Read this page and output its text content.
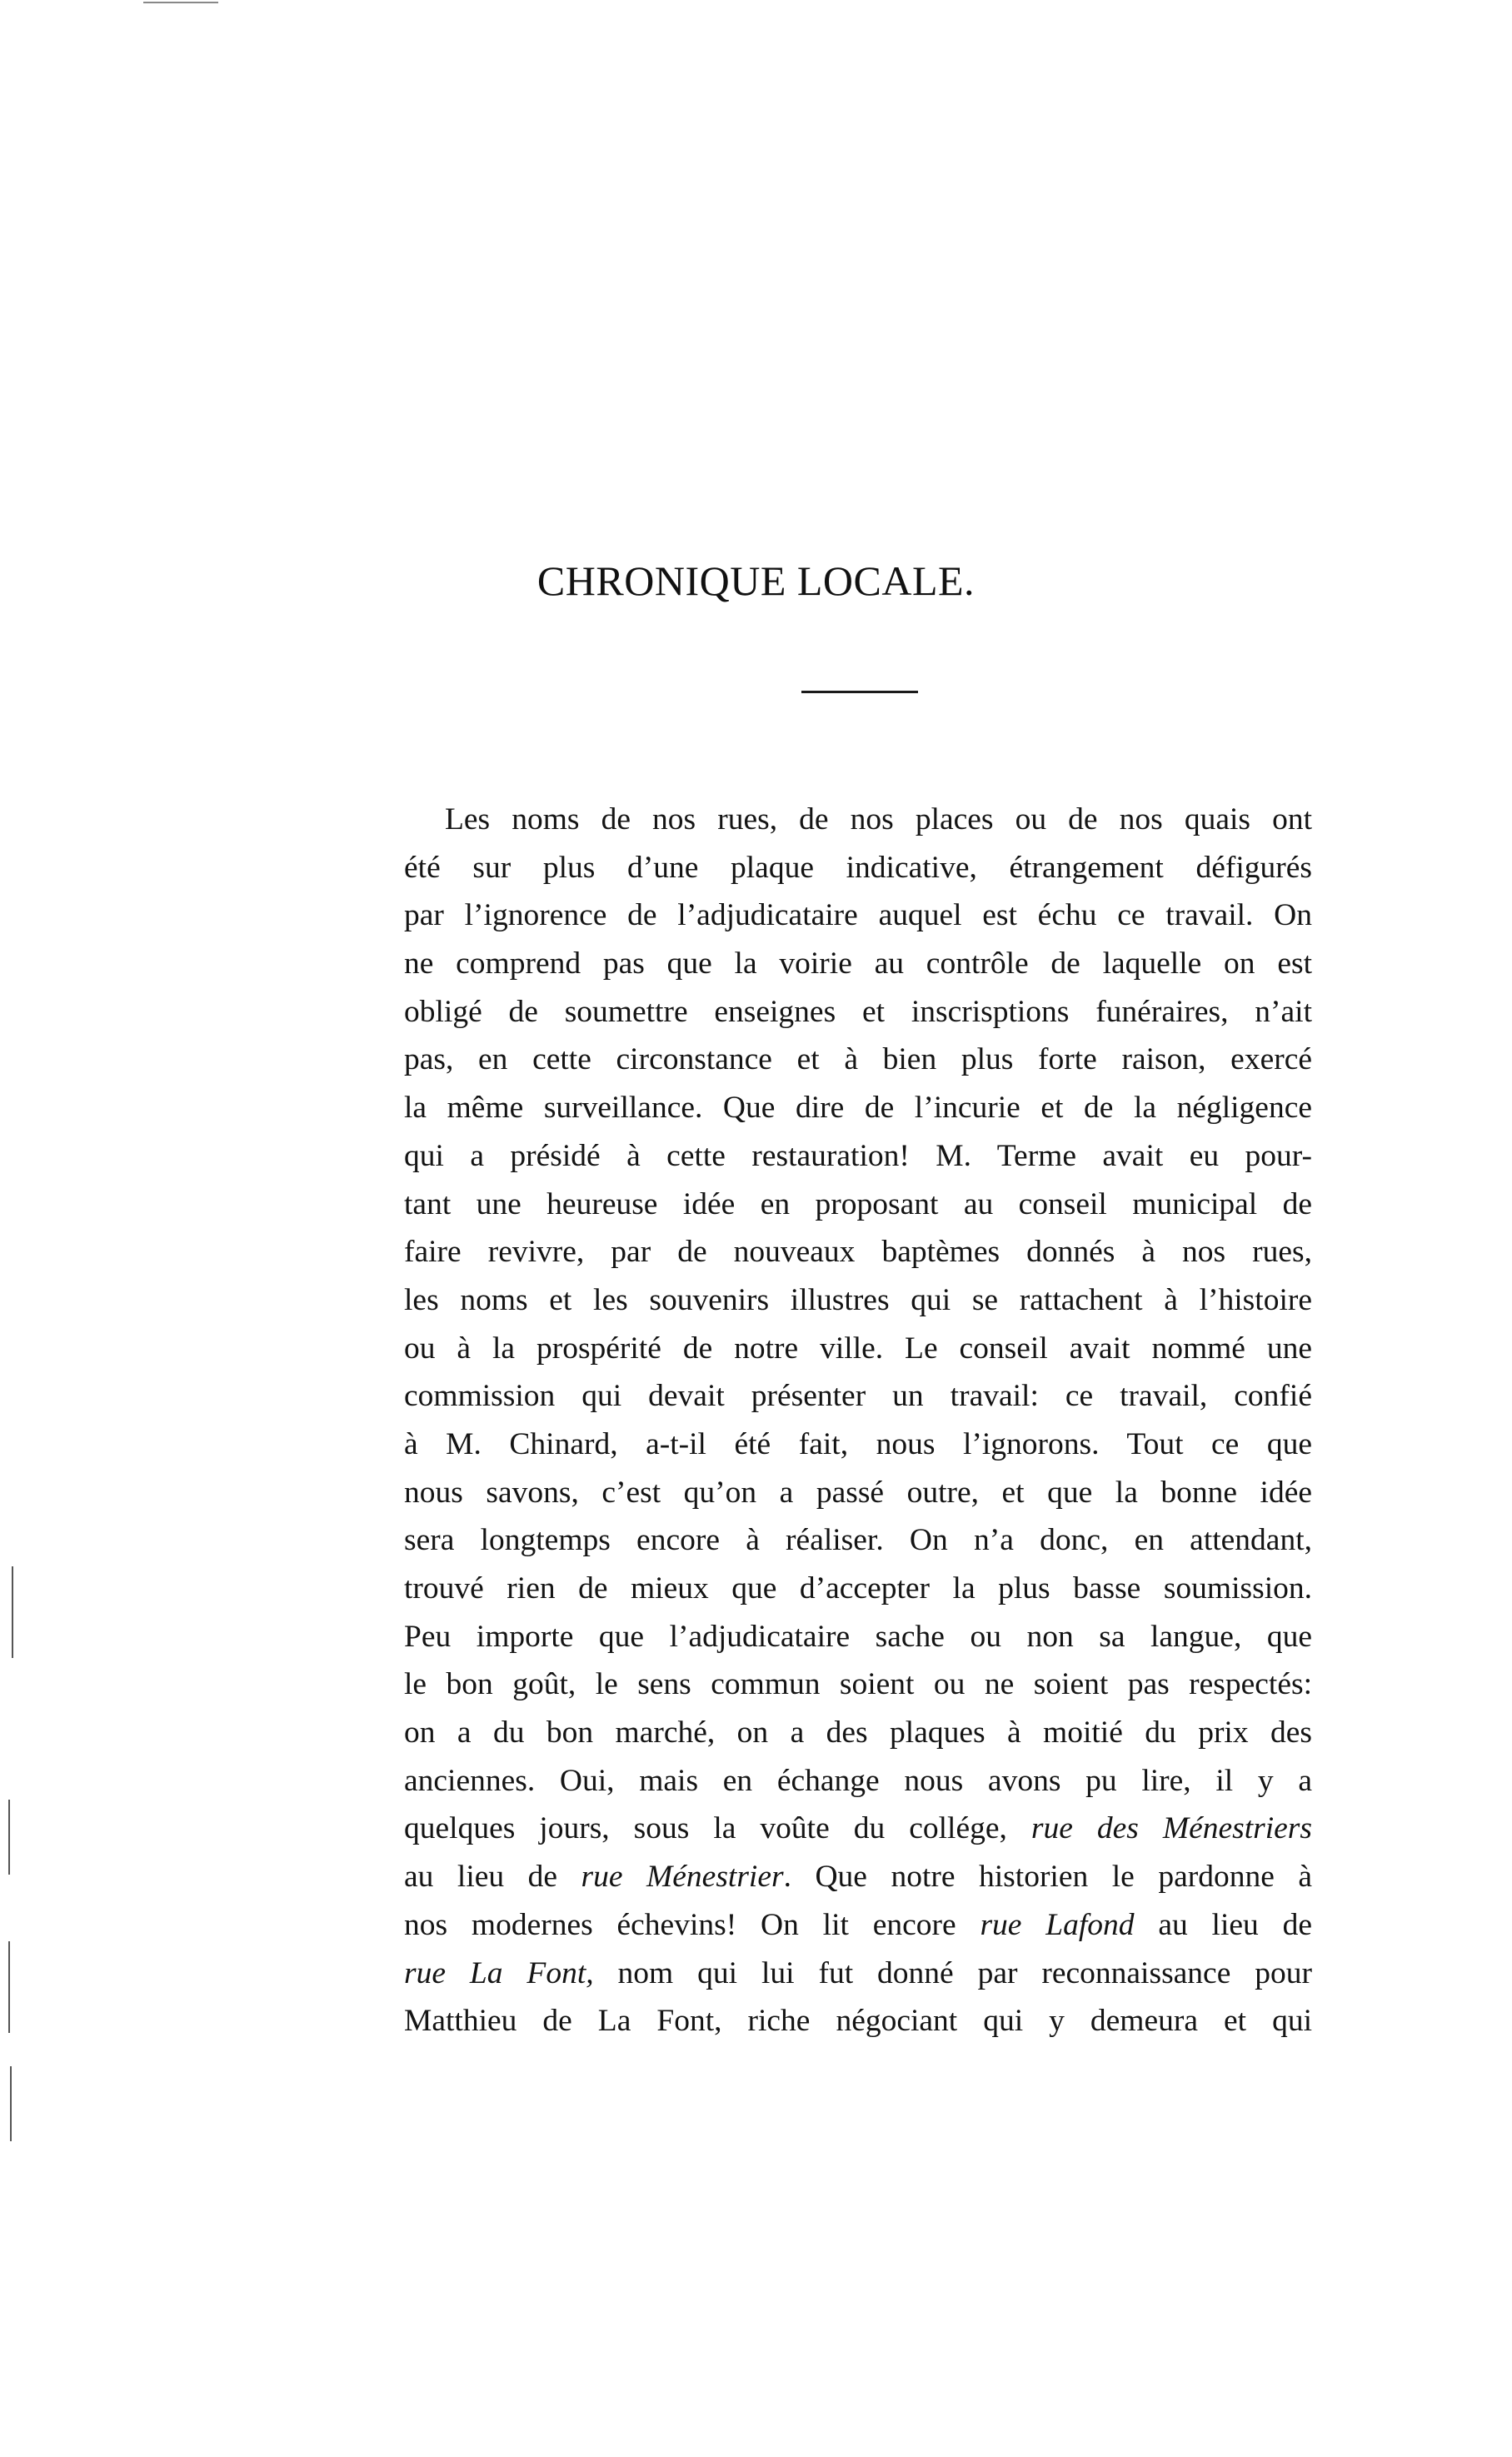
CHRONIQUE LOCALE.
Les noms de nos rues, de nos places ou de nos quais ont
été sur plus d’une plaque indicative, étrangement défigurés
par l’ignorence de l’adjudicataire auquel est échu ce travail. On
ne comprend pas que la voirie au contrôle de laquelle on est
obligé de soumettre enseignes et inscrisptions funéraires, n’ait
pas, en cette circonstance et à bien plus forte raison, exercé
la même surveillance. Que dire de l’incurie et de la négligence
qui a présidé à cette restauration! M. Terme avait eu pour-
tant une heureuse idée en proposant au conseil municipal de
faire revivre, par de nouveaux baptèmes donnés à nos rues,
les noms et les souvenirs illustres qui se rattachent à l’histoire
ou à la prospérité de notre ville. Le conseil avait nommé une
commission qui devait présenter un travail: ce travail, confié
à M. Chinard, a-t-il été fait, nous l’ignorons. Tout ce que
nous savons, c’est qu’on a passé outre, et que la bonne idée
sera longtemps encore à réaliser. On n’a donc, en attendant,
trouvé rien de mieux que d’accepter la plus basse soumission.
Peu importe que l’adjudicataire sache ou non sa langue, que
le bon goût, le sens commun soient ou ne soient pas respectés:
on a du bon marché, on a des plaques à moitié du prix des
anciennes. Oui, mais en échange nous avons pu lire, il y a
quelques jours, sous la voûte du collége, rue des Ménestriers
au lieu de rue Ménestrier. Que notre historien le pardonne à
nos modernes échevins! On lit encore rue Lafond au lieu de
rue La Font, nom qui lui fut donné par reconnaissance pour
Matthieu de La Font, riche négociant qui y demeura et qui
